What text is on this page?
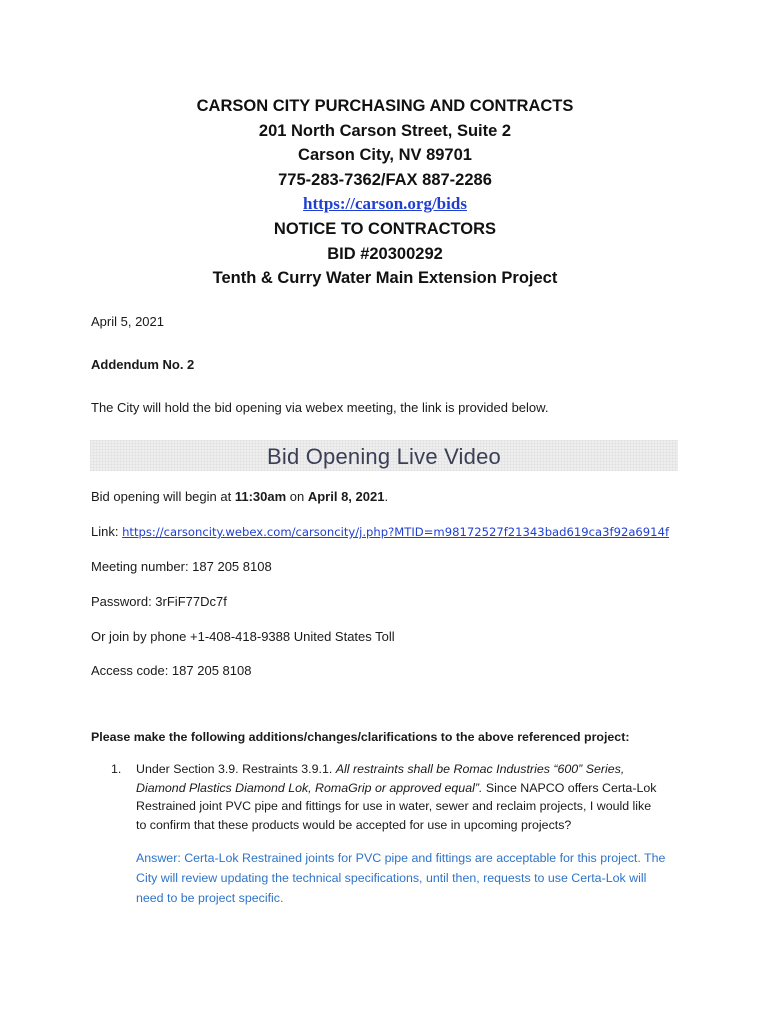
CARSON CITY PURCHASING AND CONTRACTS
201 North Carson Street, Suite 2
Carson City, NV 89701
775-283-7362/FAX 887-2286
https://carson.org/bids
NOTICE TO CONTRACTORS
BID #20300292
Tenth & Curry Water Main Extension Project
April 5, 2021
Addendum No. 2
The City will hold the bid opening via webex meeting, the link is provided below.
Bid Opening Live Video
Bid opening will begin at 11:30am on April 8, 2021.
Link: https://carsoncity.webex.com/carsoncity/j.php?MTID=m98172527f21343bad619ca3f92a6914f
Meeting number: 187 205 8108
Password: 3rFiF77Dc7f
Or join by phone +1-408-418-9388 United States Toll
Access code: 187 205 8108
Please make the following additions/changes/clarifications to the above referenced project:
1. Under Section 3.9. Restraints 3.9.1. All restraints shall be Romac Industries “600” Series,
Diamond Plastics Diamond Lok, RomaGrip or approved equal”. Since NAPCO offers Certa-Lok
Restrained joint PVC pipe and fittings for use in water, sewer and reclaim projects, I would like
to confirm that these products would be accepted for use in upcoming projects?
Answer: Certa-Lok Restrained joints for PVC pipe and fittings are acceptable for this project. The
City will review updating the technical specifications, until then, requests to use Certa-Lok will
need to be project specific.
